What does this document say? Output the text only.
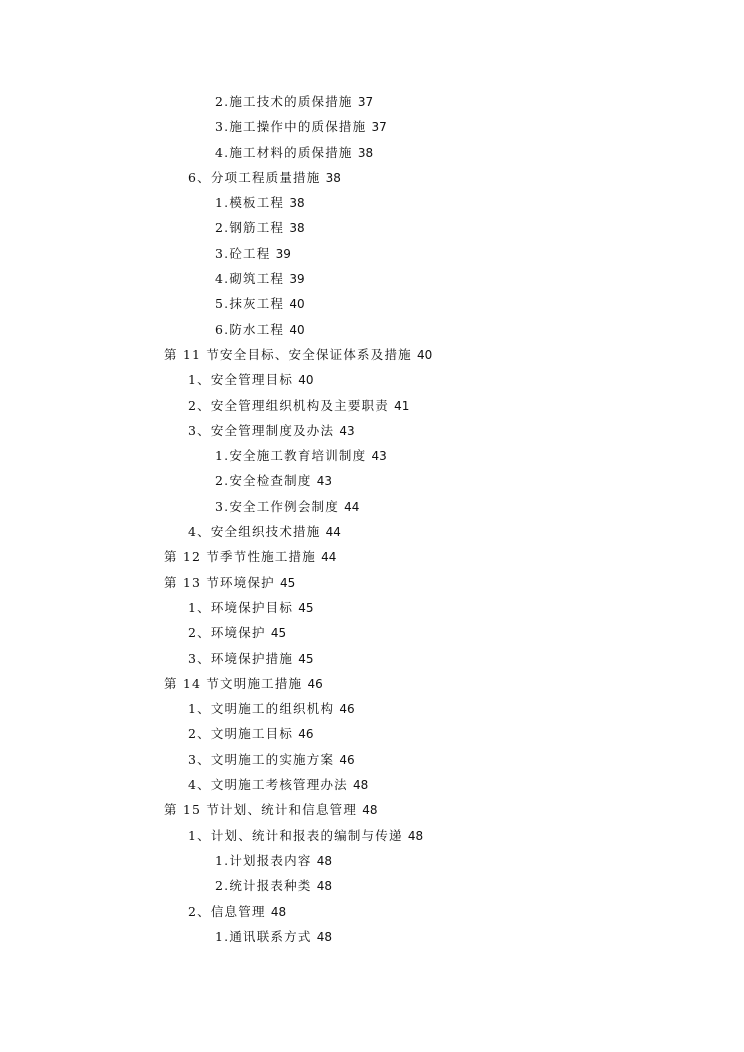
2.施工技术的质保措施 37
3.施工操作中的质保措施 37
4.施工材料的质保措施 38
6、分项工程质量措施 38
1.模板工程 38
2.钢筋工程 38
3.砼工程 39
4.砌筑工程 39
5.抹灰工程 40
6.防水工程 40
第 11 节安全目标、安全保证体系及措施 40
1、安全管理目标 40
2、安全管理组织机构及主要职责 41
3、安全管理制度及办法 43
1.安全施工教育培训制度 43
2.安全检查制度 43
3.安全工作例会制度 44
4、安全组织技术措施 44
第 12 节季节性施工措施 44
第 13 节环境保护 45
1、环境保护目标 45
2、环境保护 45
3、环境保护措施 45
第 14 节文明施工措施 46
1、文明施工的组织机构 46
2、文明施工目标 46
3、文明施工的实施方案 46
4、文明施工考核管理办法 48
第 15 节计划、统计和信息管理 48
1、计划、统计和报表的编制与传递 48
1.计划报表内容 48
2.统计报表种类 48
2、信息管理 48
1.通讯联系方式 48
